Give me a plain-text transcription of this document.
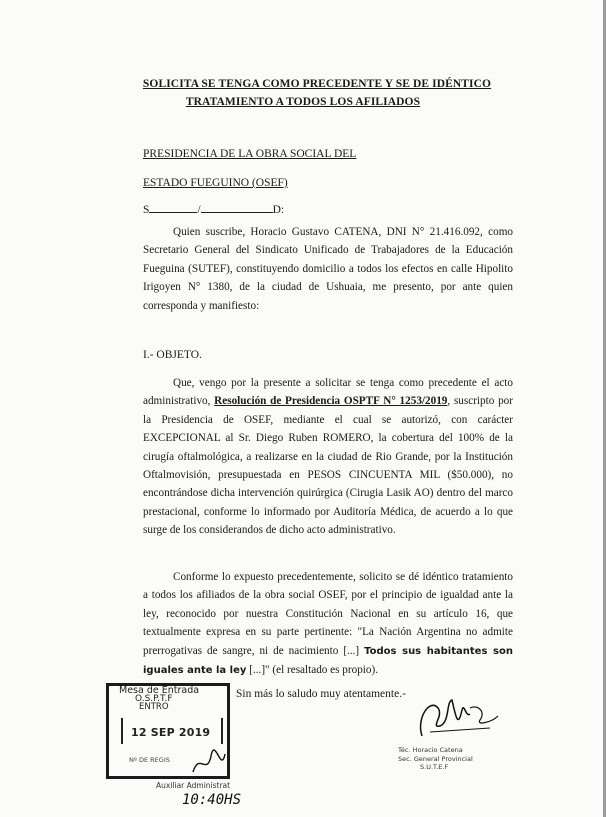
SOLICITA SE TENGA COMO PRECEDENTE Y SE DE IDÉNTICO
TRATAMIENTO A TODOS LOS AFILIADOS
PRESIDENCIA DE LA OBRA SOCIAL DEL
ESTADO FUEGUINO (OSEF)
S	/	D:
Quien suscribe, Horacio Gustavo CATENA, DNI N° 21.416.092, como Secretario General del Sindicato Unificado de Trabajadores de la Educación Fueguina (SUTEF), constituyendo domicilio a todos los efectos en calle Hipolito Irigoyen N° 1380, de la ciudad de Ushuaia, me presento, por ante quien corresponda y manifiesto:
I.- OBJETO.
Que, vengo por la presente a solicitar se tenga como precedente el acto administrativo, Resolución de Presidencia OSPTF N° 1253/2019, suscripto por la Presidencia de OSEF, mediante el cual se autorizó, con carácter EXCEPCIONAL al Sr. Diego Ruben ROMERO, la cobertura del 100% de la cirugía oftalmológica, a realizarse en la ciudad de Rio Grande, por la Institución Oftalmovisión, presupuestada en PESOS CINCUENTA MIL ($50.000), no encontrándose dicha intervención quirúrgica (Cirugia Lasik AO) dentro del marco prestacional, conforme lo informado por Auditoría Médica, de acuerdo a lo que surge de los considerandos de dicho acto administrativo.
Conforme lo expuesto precedentemente, solicito se dé idéntico tratamiento a todos los afiliados de la obra social OSEF, por el principio de igualdad ante la ley, reconocido por nuestra Constitución Nacional en su artículo 16, que textualmente expresa en su parte pertinente: "La Nación Argentina no admite prerrogativas de sangre, ni de nacimiento [...] Todos sus habitantes son iguales ante la ley [...]" (el resaltado es propio).
Sin más lo saludo muy atentamente.-
Mesa de Entrada
O.S.P.T.F
ENTRO
12 SEP 2019
Nº DE REGIS
Auxiliar Administrat
10:40HS
Téc. Horacio Catena
Sec. General Provincial
S.U.T.E.F
